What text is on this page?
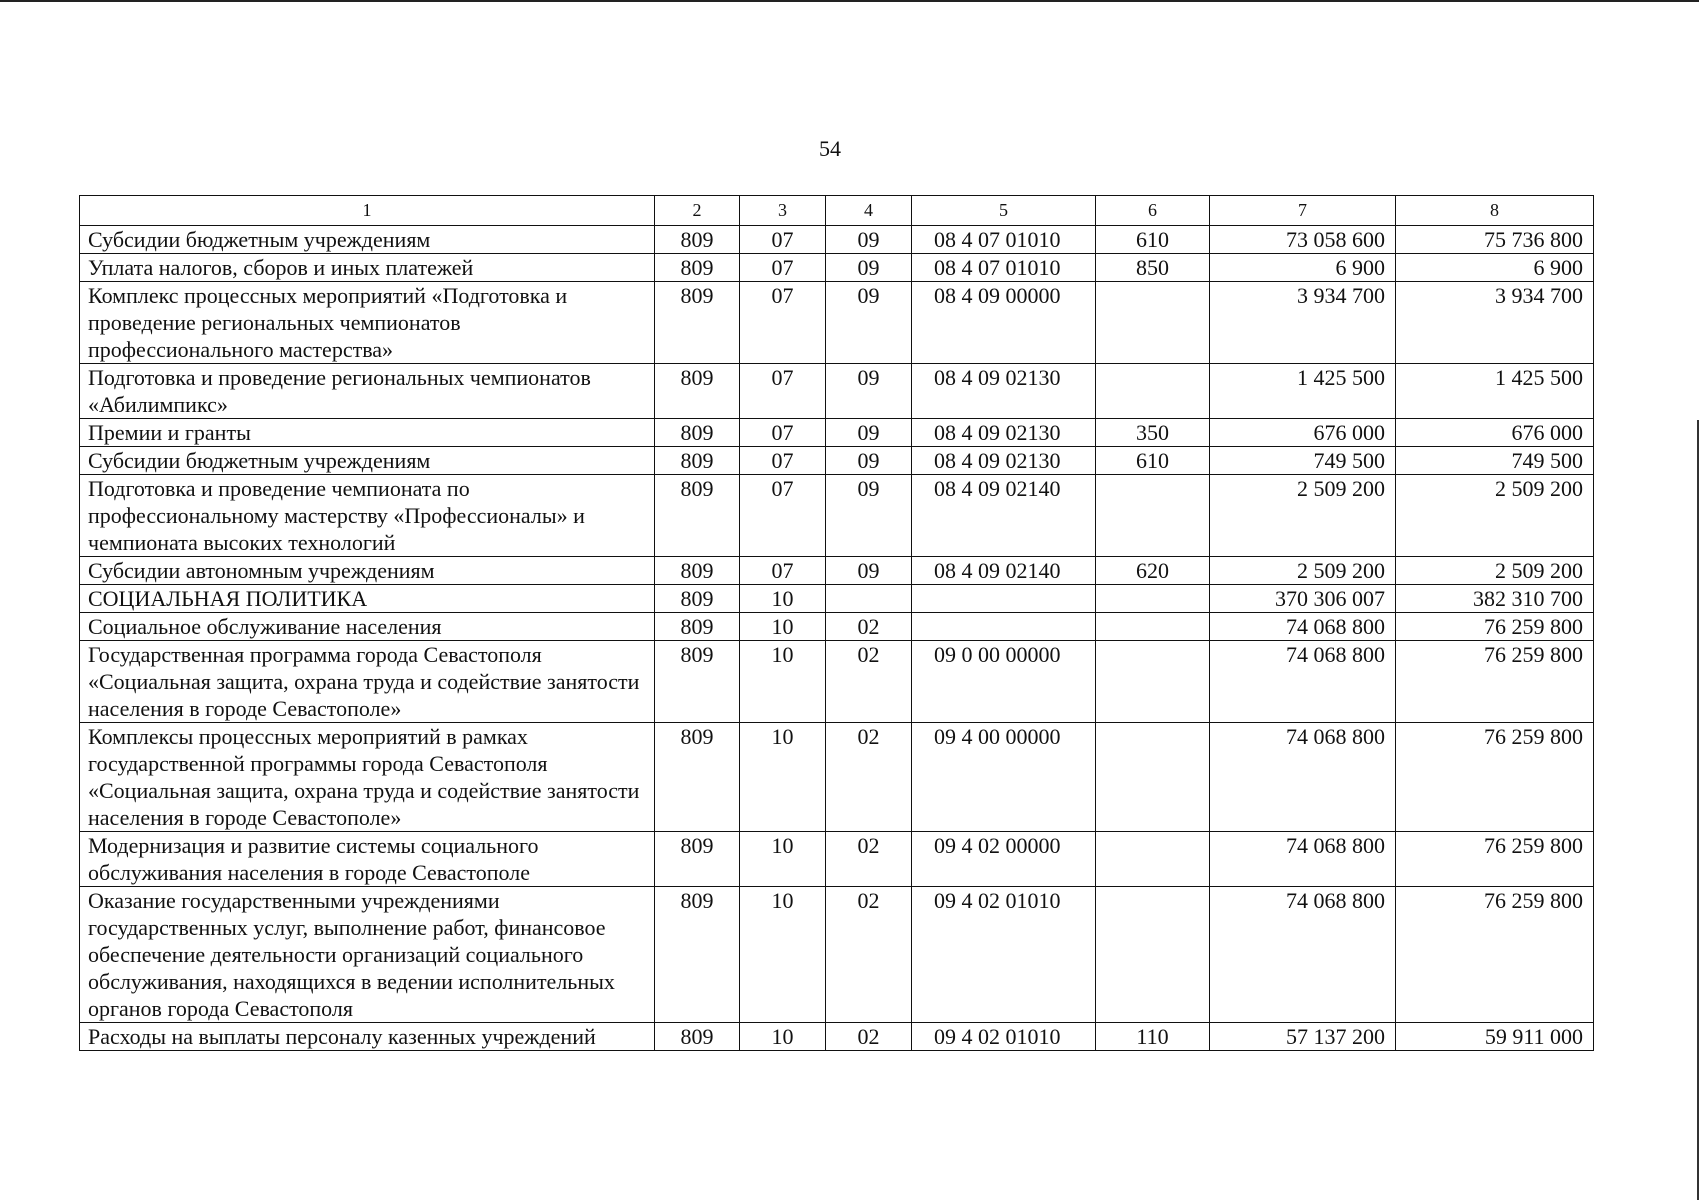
54
1	2	3	4	5	6	7	8
Субсидии бюджетным учреждениям	809	07	09	08 4 07 01010	610	73 058 600	75 736 800
Уплата налогов, сборов и иных платежей	809	07	09	08 4 07 01010	850	6 900	6 900
Комплекс процессных мероприятий «Подготовка и проведение региональных чемпионатов профессионального мастерства»	809	07	09	08 4 09 00000		3 934 700	3 934 700
Подготовка и проведение региональных чемпионатов «Абилимпикс»	809	07	09	08 4 09 02130		1 425 500	1 425 500
Премии и гранты	809	07	09	08 4 09 02130	350	676 000	676 000
Субсидии бюджетным учреждениям	809	07	09	08 4 09 02130	610	749 500	749 500
Подготовка и проведение чемпионата по профессиональному мастерству «Профессионалы» и чемпионата высоких технологий	809	07	09	08 4 09 02140		2 509 200	2 509 200
Субсидии автономным учреждениям	809	07	09	08 4 09 02140	620	2 509 200	2 509 200
СОЦИАЛЬНАЯ ПОЛИТИКА	809	10				370 306 007	382 310 700
Социальное обслуживание населения	809	10	02			74 068 800	76 259 800
Государственная программа города Севастополя «Социальная защита, охрана труда и содействие занятости населения в городе Севастополе»	809	10	02	09 0 00 00000		74 068 800	76 259 800
Комплексы процессных мероприятий в рамках государственной программы города Севастополя «Социальная защита, охрана труда и содействие занятости населения в городе Севастополе»	809	10	02	09 4 00 00000		74 068 800	76 259 800
Модернизация и развитие системы социального обслуживания населения в городе Севастополе	809	10	02	09 4 02 00000		74 068 800	76 259 800
Оказание государственными учреждениями государственных услуг, выполнение работ, финансовое обеспечение деятельности организаций социального обслуживания, находящихся в ведении исполнительных органов города Севастополя	809	10	02	09 4 02 01010		74 068 800	76 259 800
Расходы на выплаты персоналу казенных учреждений	809	10	02	09 4 02 01010	110	57 137 200	59 911 000
